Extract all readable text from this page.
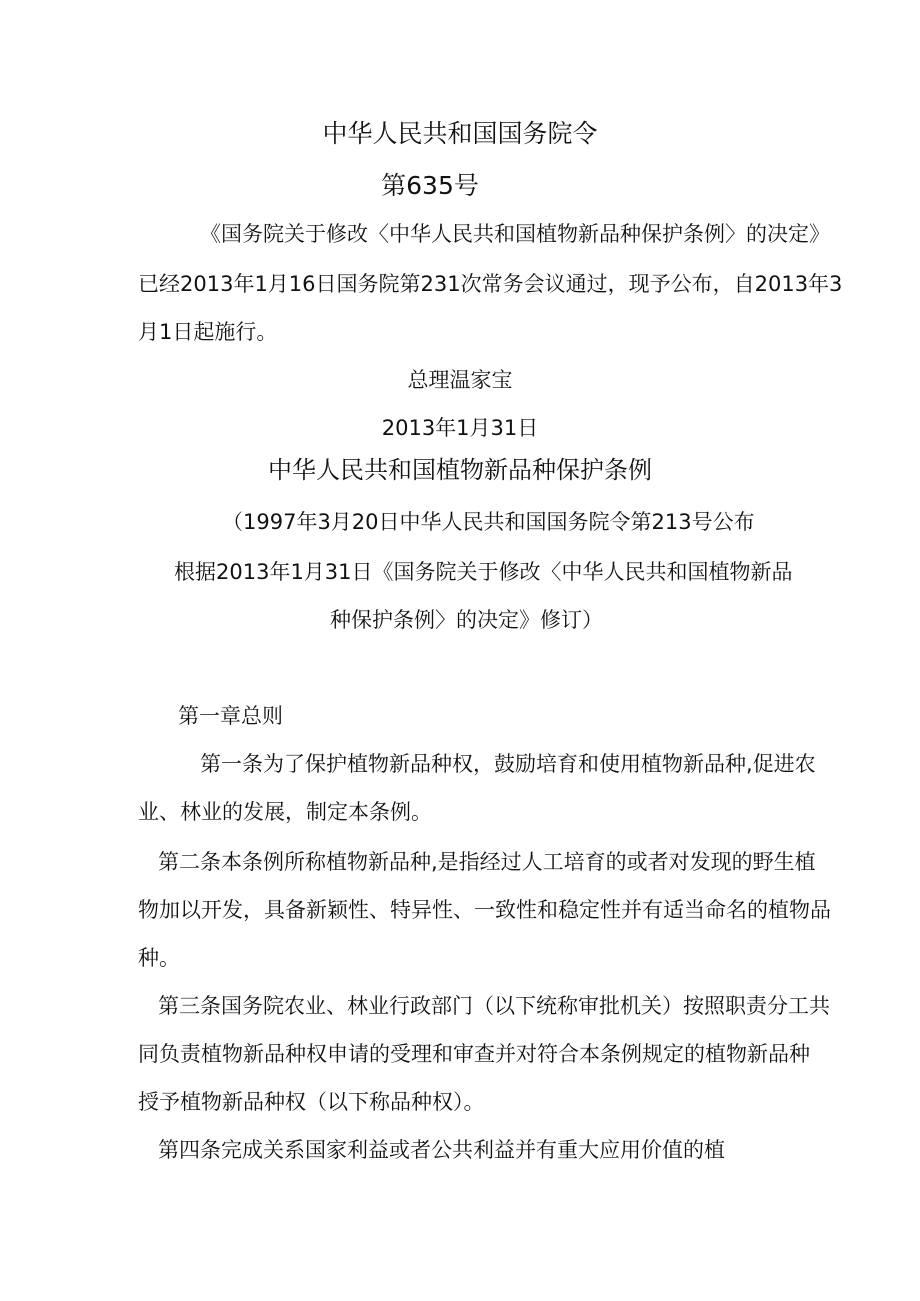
中华人民共和国国务院令
第635号
《国务院关于修改〈中华人民共和国植物新品种保护条例〉的决定》
已经2013年1月16日国务院第231次常务会议通过，现予公布，自2013年3
月1日起施行。
总理温家宝
2013年1月31日
中华人民共和国植物新品种保护条例
（1997年3月20日中华人民共和国国务院令第213号公布
根据2013年1月31日《国务院关于修改〈中华人民共和国植物新品
种保护条例〉的决定》修订）
第一章总则
第一条为了保护植物新品种权，鼓励培育和使用植物新品种,促进农
业、林业的发展，制定本条例。
第二条本条例所称植物新品种,是指经过人工培育的或者对发现的野生植
物加以开发，具备新颖性、特异性、一致性和稳定性并有适当命名的植物品
种。
第三条国务院农业、林业行政部门（以下统称审批机关）按照职责分工共
同负责植物新品种权申请的受理和审查并对符合本条例规定的植物新品种
授予植物新品种权（以下称品种权）。
第四条完成关系国家利益或者公共利益并有重大应用价值的植
